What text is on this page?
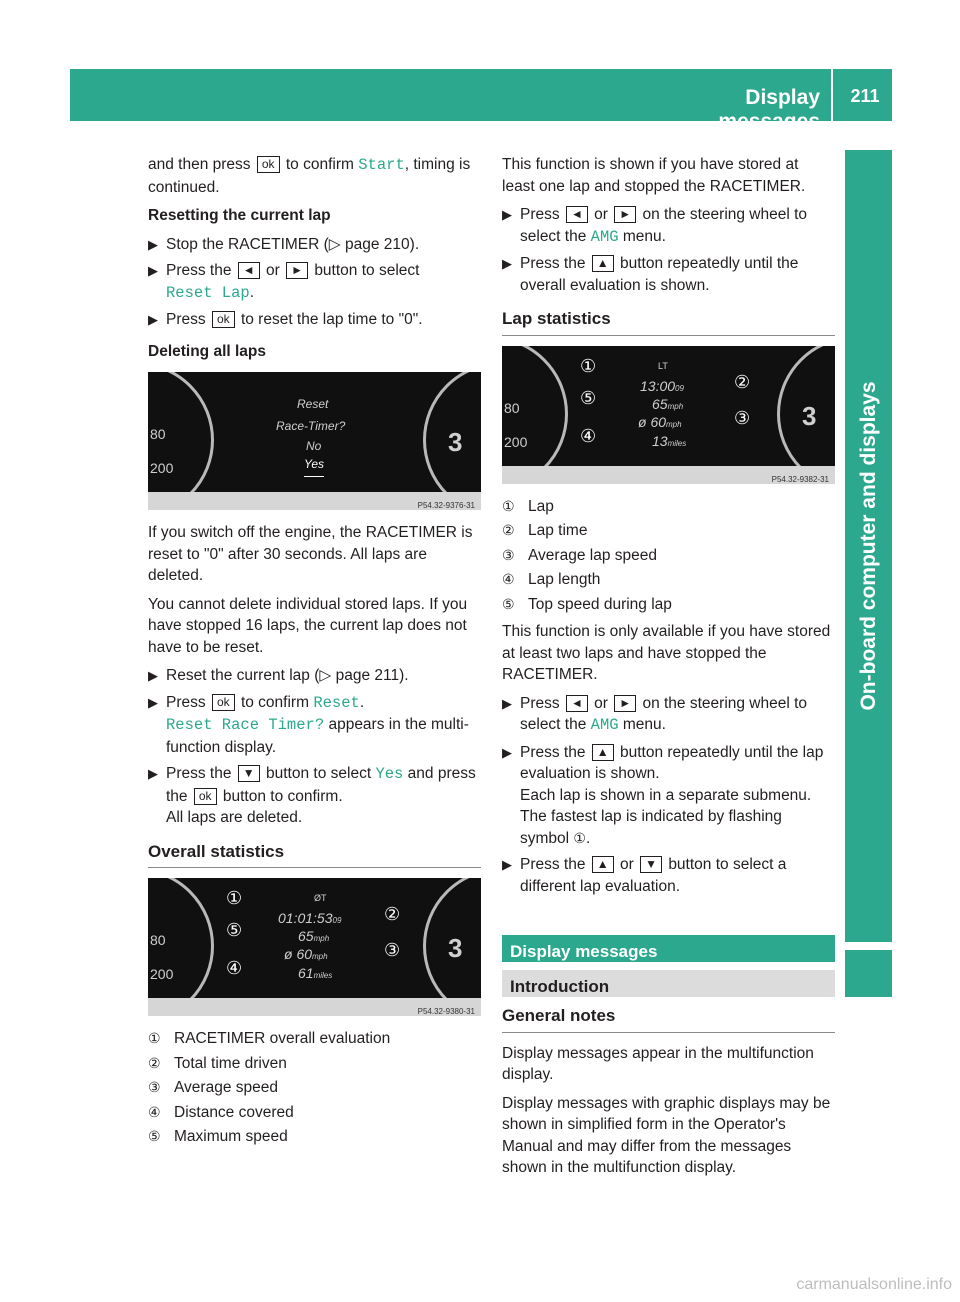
Display messages
211
On-board computer and displays

and then press ok to confirm Start, timing is continued.

Resetting the current lap

▶ Stop the RACETIMER (▷ page 210).
▶ Press the ◄ or ► button to select
Reset Lap.
▶ Press ok to reset the lap time to "0".

Deleting all laps

80
200
3
Reset
Race-Timer?
No
Yes
P54.32-9376-31

If you switch off the engine, the RACETIMER is reset to "0" after 30 seconds. All laps are deleted.

You cannot delete individual stored laps. If you have stopped 16 laps, the current lap does not have to be reset.

▶ Reset the current lap (▷ page 211).
▶ Press ok to confirm Reset.
Reset Race Timer? appears in the multi-function display.
▶ Press the ▼ button to select Yes and press the ok button to confirm.
All laps are deleted.
Overall statistics
80
200
3
①
⑤
④
②
③
ØT
01:01:5309
65mph
ø 60mph
61miles
P54.32-9380-31
① RACETIMER overall evaluation
② Total time driven
③ Average speed
④ Distance covered
⑤ Maximum speed

This function is shown if you have stored at least one lap and stopped the RACETIMER.

▶ Press ◄ or ► on the steering wheel to select the AMG menu.
▶ Press the ▲ button repeatedly until the overall evaluation is shown.
Lap statistics
80
200
3
①
⑤
④
②
③
LT
13:0009
65mph
ø 60mph
13miles
P54.32-9382-31
① Lap
② Lap time
③ Average lap speed
④ Lap length
⑤ Top speed during lap

This function is only available if you have stored at least two laps and have stopped the RACETIMER.

▶ Press ◄ or ► on the steering wheel to select the AMG menu.
▶ Press the ▲ button repeatedly until the lap evaluation is shown.
Each lap is shown in a separate submenu.
The fastest lap is indicated by flashing symbol ①.
▶ Press the ▲ or ▼ button to select a different lap evaluation.
Display messages
Introduction
General notes

Display messages appear in the multifunction display.

Display messages with graphic displays may be shown in simplified form in the Operator's Manual and may differ from the messages shown in the multifunction display.

carmanualsonline.info
